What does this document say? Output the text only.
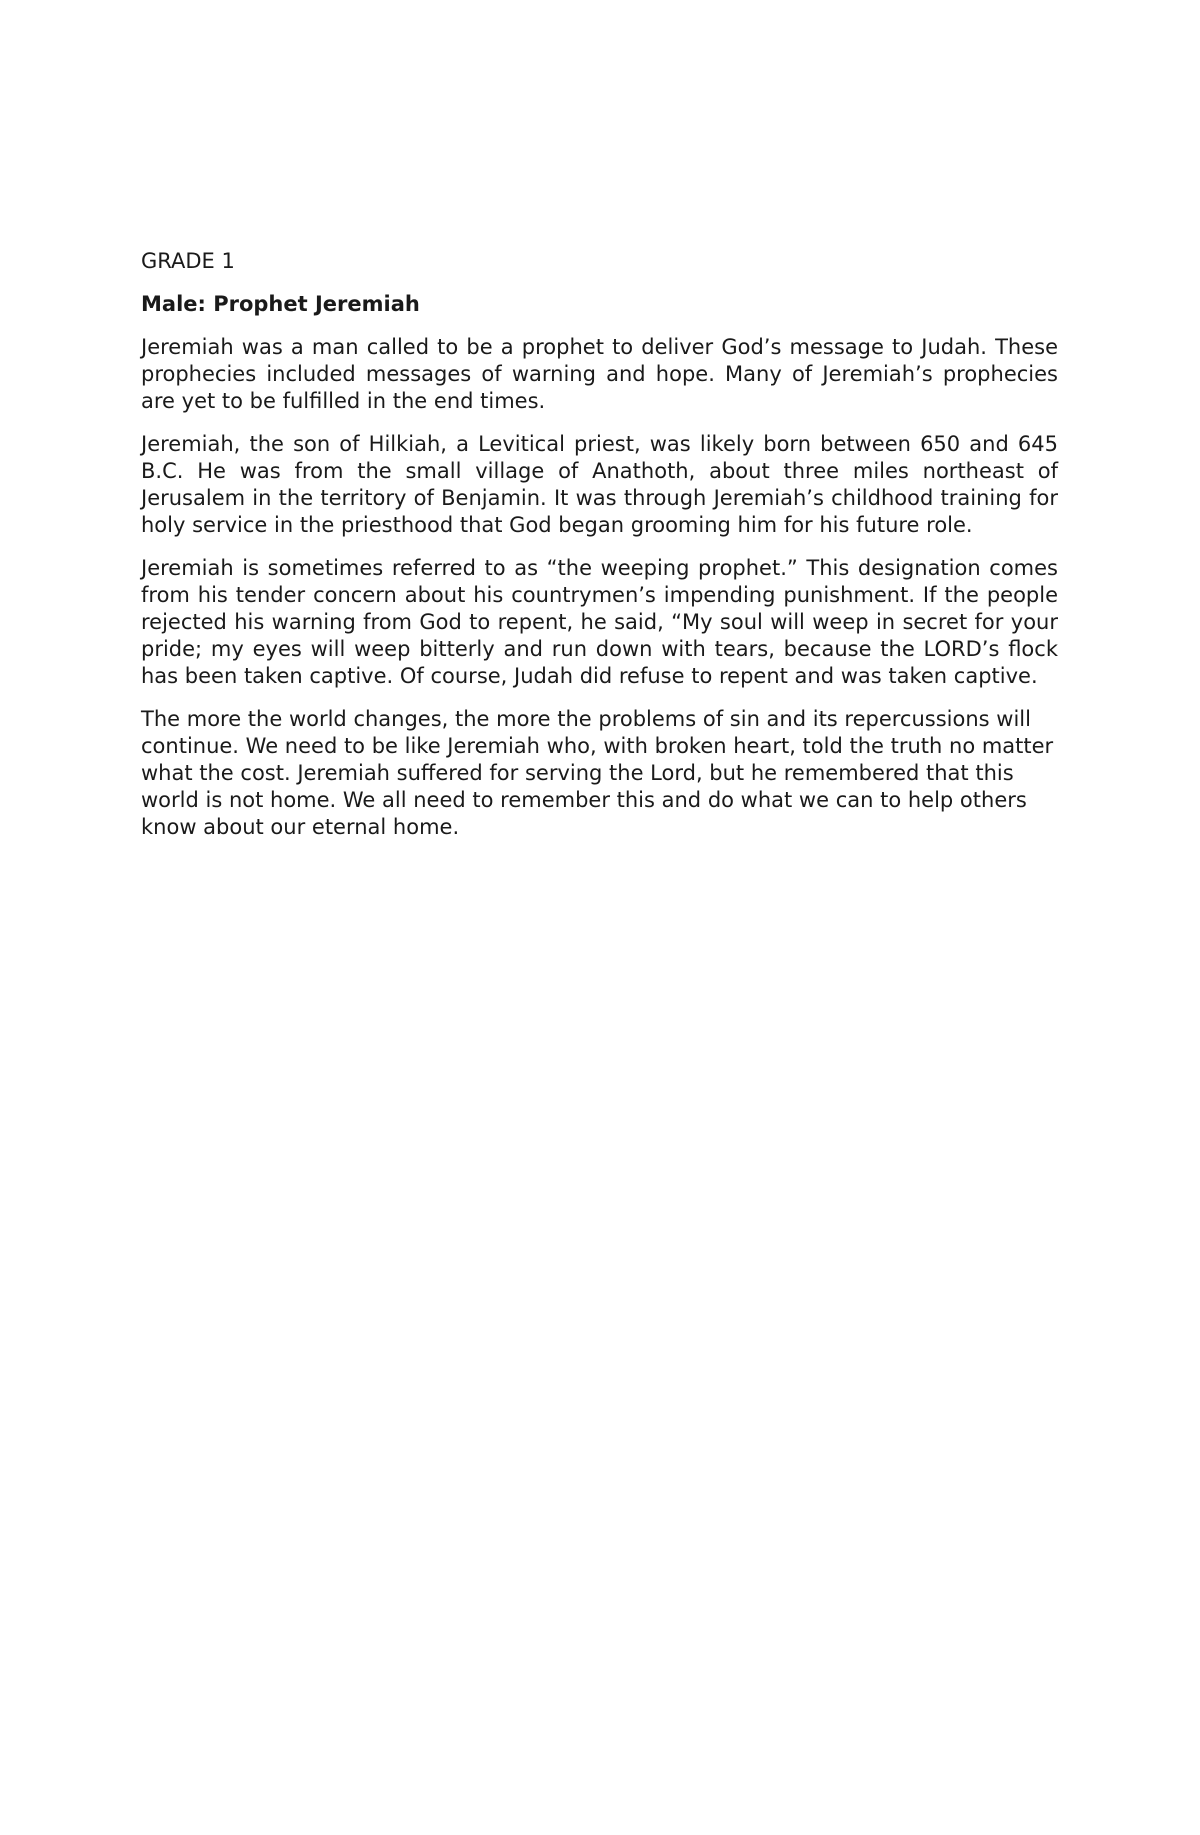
GRADE 1

Male: Prophet Jeremiah

Jeremiah was a man called to be a prophet to deliver God’s message to Judah. These prophecies included messages of warning and hope. Many of Jeremiah’s prophecies are yet to be fulfilled in the end times.

Jeremiah, the son of Hilkiah, a Levitical priest, was likely born between 650 and 645 B.C. He was from the small village of Anathoth, about three miles northeast of Jerusalem in the territory of Benjamin. It was through Jeremiah’s childhood training for holy service in the priesthood that God began grooming him for his future role.

Jeremiah is sometimes referred to as “the weeping prophet.” This designation comes from his tender concern about his countrymen’s impending punishment. If the people rejected his warning from God to repent, he said, “My soul will weep in secret for your pride; my eyes will weep bitterly and run down with tears, because the LORD’s flock has been taken captive. Of course, Judah did refuse to repent and was taken captive.

The more the world changes, the more the problems of sin and its repercussions will continue. We need to be like Jeremiah who, with broken heart, told the truth no matter what the cost. Jeremiah suffered for serving the Lord, but he remembered that this world is not home. We all need to remember this and do what we can to help others know about our eternal home.
